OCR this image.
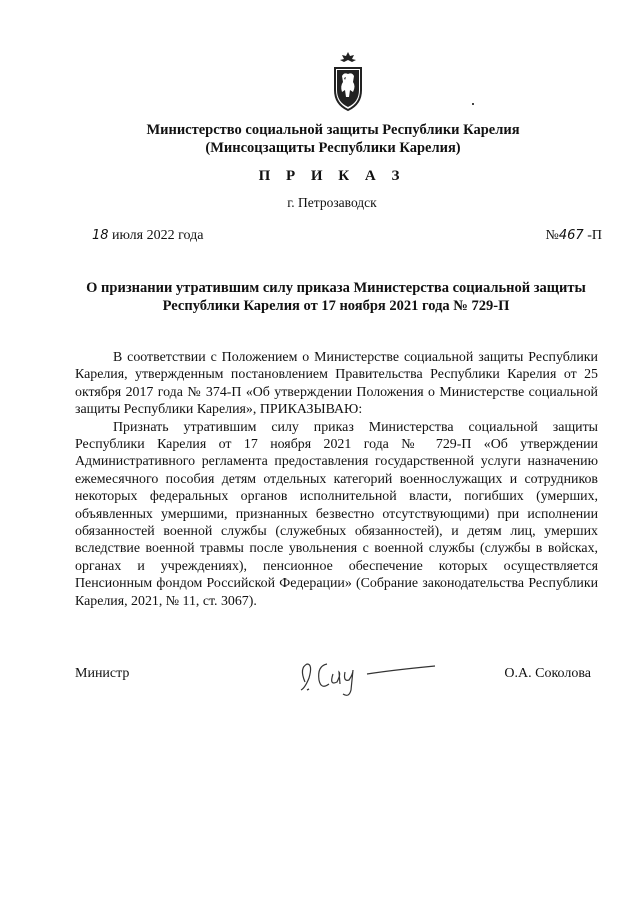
Министерство социальной защиты Республики Карелия
(Минсоцзащиты Республики Карелия)
П Р И К А З
г. Петрозаводск
18 июля 2022 года	№467 -П
О признании утратившим силу приказа Министерства социальной защиты
Республики Карелия от 17 ноября 2021 года № 729-П

В соответствии с Положением о Министерстве социальной защиты Республики Карелия, утвержденным постановлением Правительства Республики Карелия от 25 октября 2017 года № 374-П «Об утверждении Положения о Министерстве социальной защиты Республики Карелия», ПРИКАЗЫВАЮ:

Признать утратившим силу приказ Министерства социальной защиты Республики Карелия от 17 ноября 2021 года № 729-П «Об утверждении Административного регламента предоставления государственной услуги назначению ежемесячного пособия детям отдельных категорий военнослужащих и сотрудников некоторых федеральных органов исполнительной власти, погибших (умерших, объявленных умершими, признанных безвестно отсутствующими) при исполнении обязанностей военной службы (служебных обязанностей), и детям лиц, умерших вследствие военной травмы после увольнения с военной службы (службы в войсках, органах и учреждениях), пенсионное обеспечение которых осуществляется Пенсионным фондом Российской Федерации» (Собрание законодательства Республики Карелия, 2021, № 11, ст. 3067).

Министр	О.А. Соколова
